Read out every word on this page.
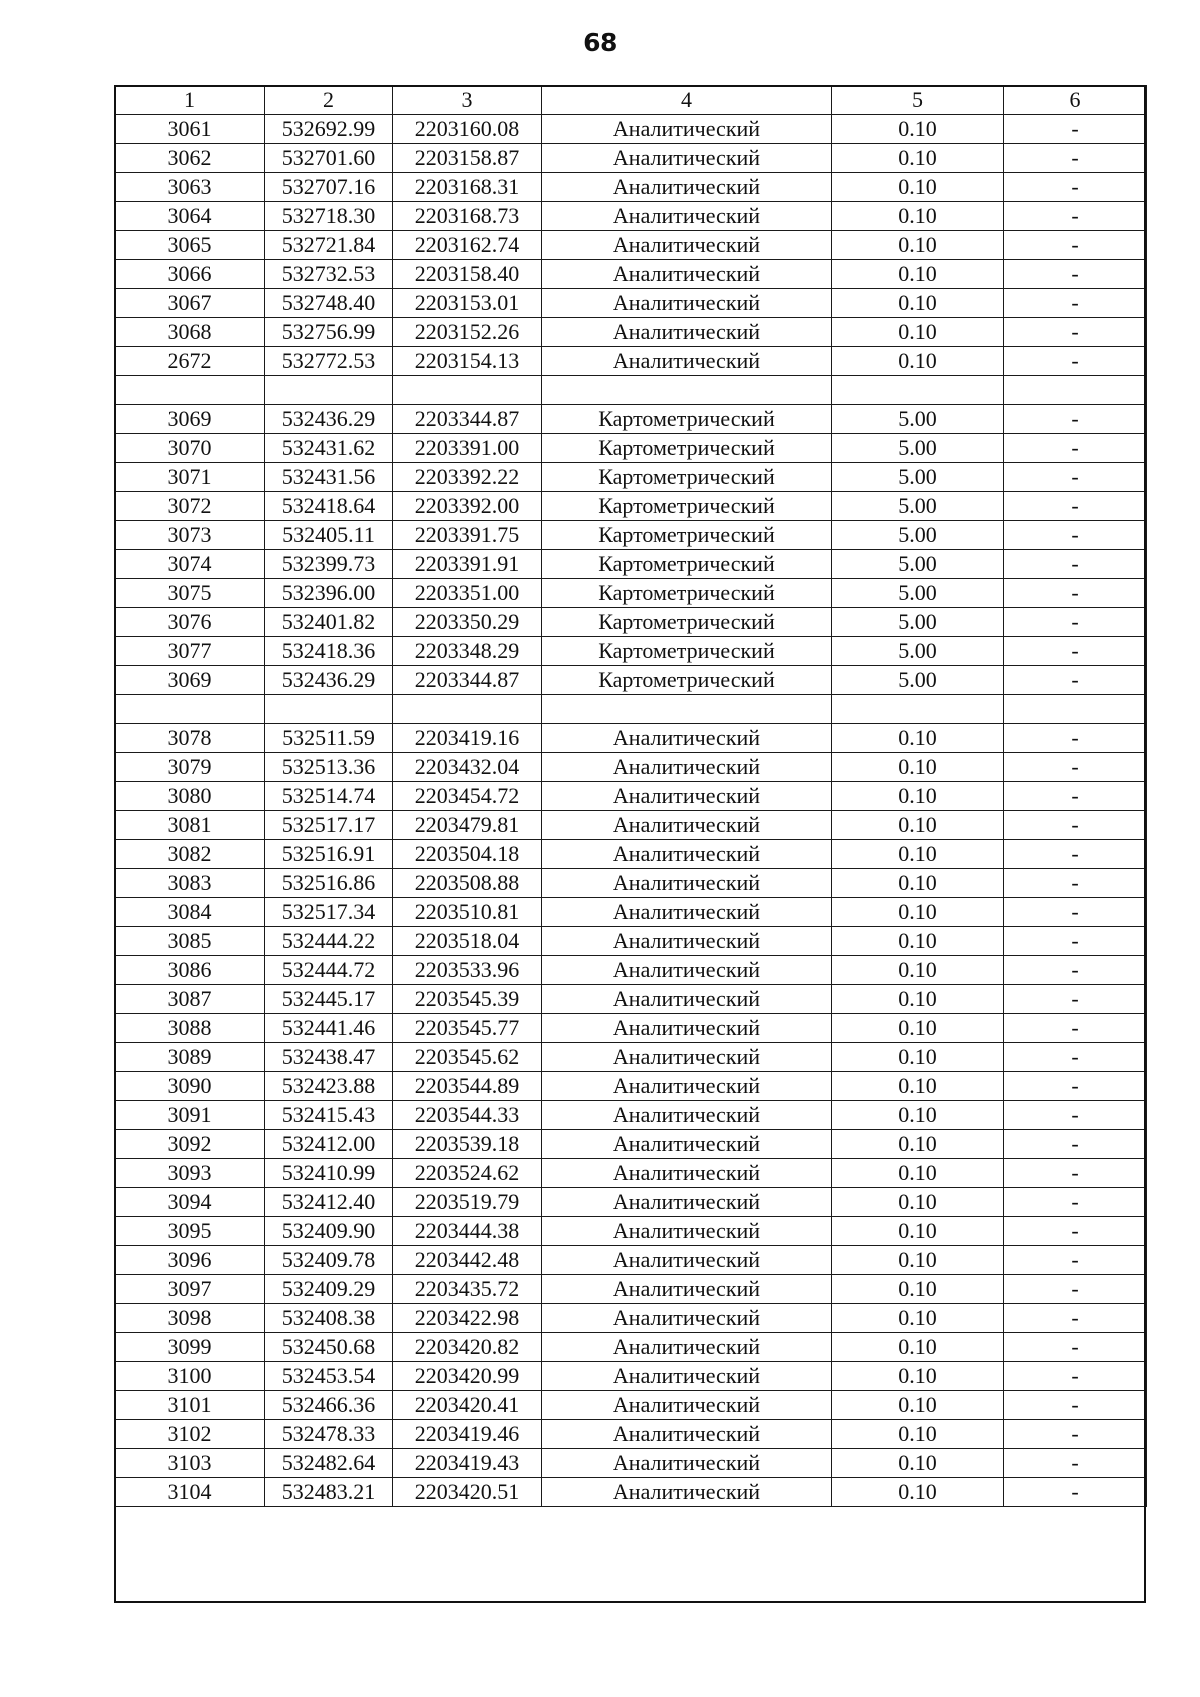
68
1	2	3	4	5	6
3061	532692.99	2203160.08	Аналитический	0.10	-
3062	532701.60	2203158.87	Аналитический	0.10	-
3063	532707.16	2203168.31	Аналитический	0.10	-
3064	532718.30	2203168.73	Аналитический	0.10	-
3065	532721.84	2203162.74	Аналитический	0.10	-
3066	532732.53	2203158.40	Аналитический	0.10	-
3067	532748.40	2203153.01	Аналитический	0.10	-
3068	532756.99	2203152.26	Аналитический	0.10	-
2672	532772.53	2203154.13	Аналитический	0.10	-

3069	532436.29	2203344.87	Картометрический	5.00	-
3070	532431.62	2203391.00	Картометрический	5.00	-
3071	532431.56	2203392.22	Картометрический	5.00	-
3072	532418.64	2203392.00	Картометрический	5.00	-
3073	532405.11	2203391.75	Картометрический	5.00	-
3074	532399.73	2203391.91	Картометрический	5.00	-
3075	532396.00	2203351.00	Картометрический	5.00	-
3076	532401.82	2203350.29	Картометрический	5.00	-
3077	532418.36	2203348.29	Картометрический	5.00	-
3069	532436.29	2203344.87	Картометрический	5.00	-

3078	532511.59	2203419.16	Аналитический	0.10	-
3079	532513.36	2203432.04	Аналитический	0.10	-
3080	532514.74	2203454.72	Аналитический	0.10	-
3081	532517.17	2203479.81	Аналитический	0.10	-
3082	532516.91	2203504.18	Аналитический	0.10	-
3083	532516.86	2203508.88	Аналитический	0.10	-
3084	532517.34	2203510.81	Аналитический	0.10	-
3085	532444.22	2203518.04	Аналитический	0.10	-
3086	532444.72	2203533.96	Аналитический	0.10	-
3087	532445.17	2203545.39	Аналитический	0.10	-
3088	532441.46	2203545.77	Аналитический	0.10	-
3089	532438.47	2203545.62	Аналитический	0.10	-
3090	532423.88	2203544.89	Аналитический	0.10	-
3091	532415.43	2203544.33	Аналитический	0.10	-
3092	532412.00	2203539.18	Аналитический	0.10	-
3093	532410.99	2203524.62	Аналитический	0.10	-
3094	532412.40	2203519.79	Аналитический	0.10	-
3095	532409.90	2203444.38	Аналитический	0.10	-
3096	532409.78	2203442.48	Аналитический	0.10	-
3097	532409.29	2203435.72	Аналитический	0.10	-
3098	532408.38	2203422.98	Аналитический	0.10	-
3099	532450.68	2203420.82	Аналитический	0.10	-
3100	532453.54	2203420.99	Аналитический	0.10	-
3101	532466.36	2203420.41	Аналитический	0.10	-
3102	532478.33	2203419.46	Аналитический	0.10	-
3103	532482.64	2203419.43	Аналитический	0.10	-
3104	532483.21	2203420.51	Аналитический	0.10	-
